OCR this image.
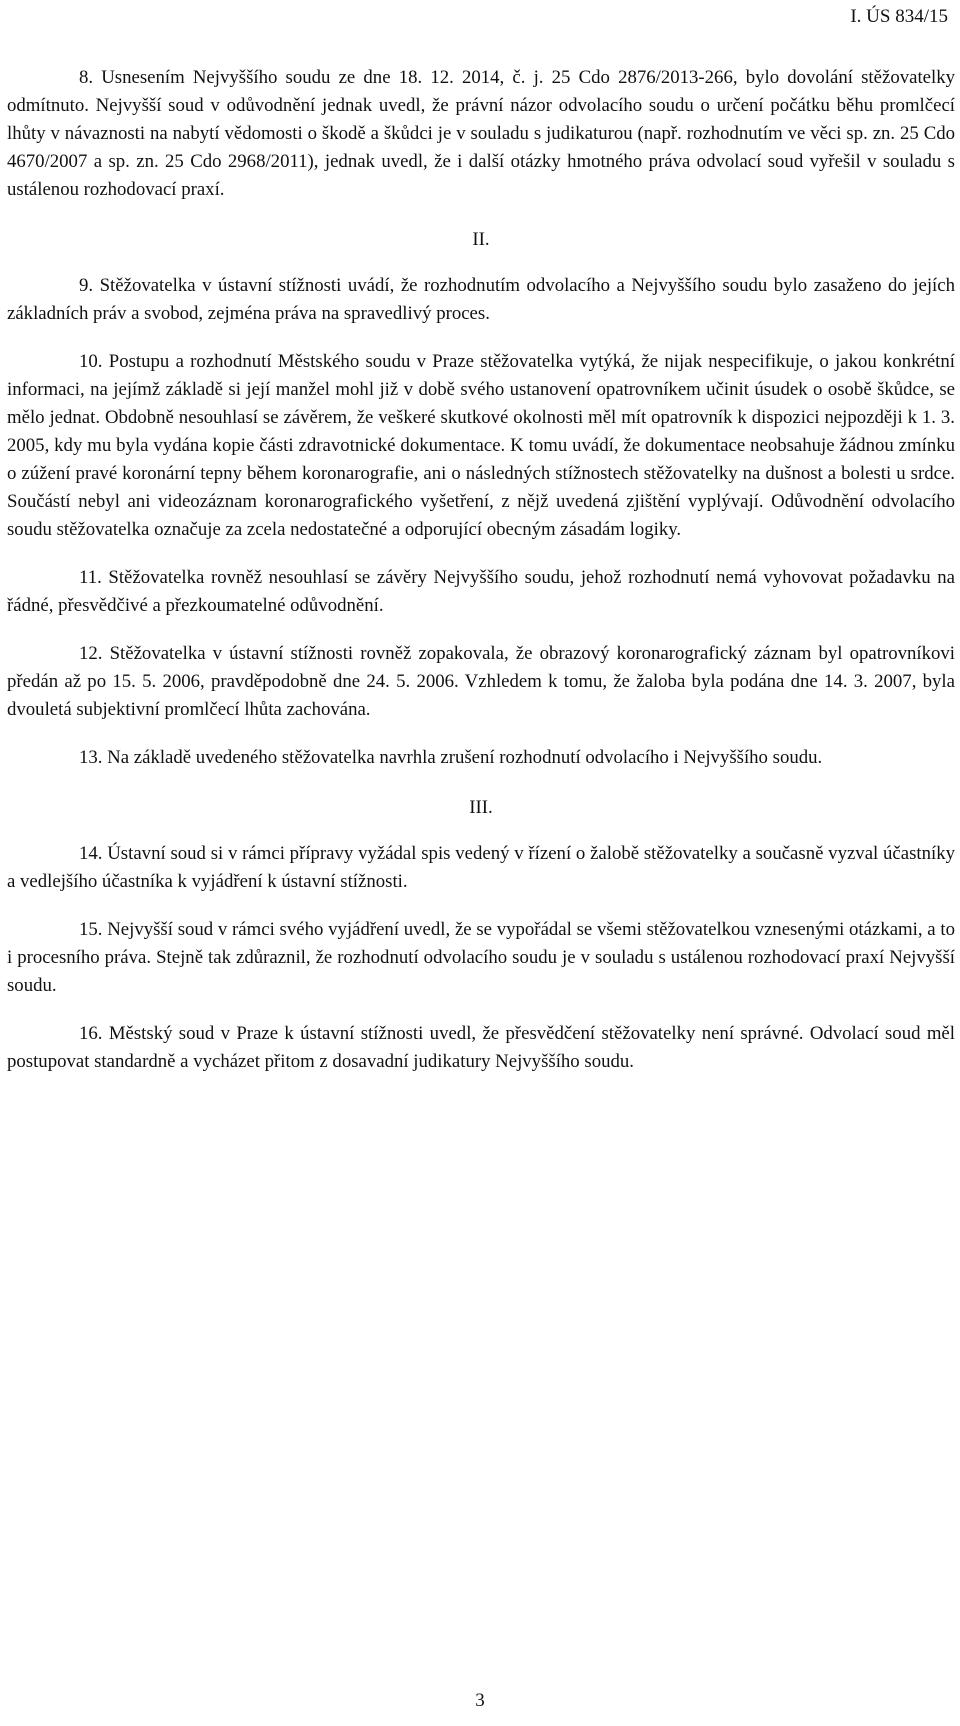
I. ÚS 834/15

8. Usnesením Nejvyššího soudu ze dne 18. 12. 2014, č. j. 25 Cdo 2876/2013-266, bylo dovolání stěžovatelky odmítnuto. Nejvyšší soud v odůvodnění jednak uvedl, že právní názor odvolacího soudu o určení počátku běhu promlčecí lhůty v návaznosti na nabytí vědomosti o škodě a škůdci je v souladu s judikaturou (např. rozhodnutím ve věci sp. zn. 25 Cdo 4670/2007 a sp. zn. 25 Cdo 2968/2011), jednak uvedl, že i další otázky hmotného práva odvolací soud vyřešil v souladu s ustálenou rozhodovací praxí.

II.

9. Stěžovatelka v ústavní stížnosti uvádí, že rozhodnutím odvolacího a Nejvyššího soudu bylo zasaženo do jejích základních práv a svobod, zejména práva na spravedlivý proces.

10. Postupu a rozhodnutí Městského soudu v Praze stěžovatelka vytýká, že nijak nespecifikuje, o jakou konkrétní informaci, na jejímž základě si její manžel mohl již v době svého ustanovení opatrovníkem učinit úsudek o osobě škůdce, se mělo jednat. Obdobně nesouhlasí se závěrem, že veškeré skutkové okolnosti měl mít opatrovník k dispozici nejpozději k 1. 3. 2005, kdy mu byla vydána kopie části zdravotnické dokumentace. K tomu uvádí, že dokumentace neobsahuje žádnou zmínku o zúžení pravé koronární tepny během koronarografie, ani o následných stížnostech stěžovatelky na dušnost a bolesti u srdce. Součástí nebyl ani videozáznam koronarografického vyšetření, z nějž uvedená zjištění vyplývají. Odůvodnění odvolacího soudu stěžovatelka označuje za zcela nedostatečné a odporující obecným zásadám logiky.

11. Stěžovatelka rovněž nesouhlasí se závěry Nejvyššího soudu, jehož rozhodnutí nemá vyhovovat požadavku na řádné, přesvědčivé a přezkoumatelné odůvodnění.

12. Stěžovatelka v ústavní stížnosti rovněž zopakovala, že obrazový koronarografický záznam byl opatrovníkovi předán až po 15. 5. 2006, pravděpodobně dne 24. 5. 2006. Vzhledem k tomu, že žaloba byla podána dne 14. 3. 2007, byla dvouletá subjektivní promlčecí lhůta zachována.

13. Na základě uvedeného stěžovatelka navrhla zrušení rozhodnutí odvolacího i Nejvyššího soudu.

III.

14. Ústavní soud si v rámci přípravy vyžádal spis vedený v řízení o žalobě stěžovatelky a současně vyzval účastníky a vedlejšího účastníka k vyjádření k ústavní stížnosti.

15. Nejvyšší soud v rámci svého vyjádření uvedl, že se vypořádal se všemi stěžovatelkou vznesenými otázkami, a to i procesního práva. Stejně tak zdůraznil, že rozhodnutí odvolacího soudu je v souladu s ustálenou rozhodovací praxí Nejvyšší soudu.

16. Městský soud v Praze k ústavní stížnosti uvedl, že přesvědčení stěžovatelky není správné. Odvolací soud měl postupovat standardně a vycházet přitom z dosavadní judikatury Nejvyššího soudu.

3
